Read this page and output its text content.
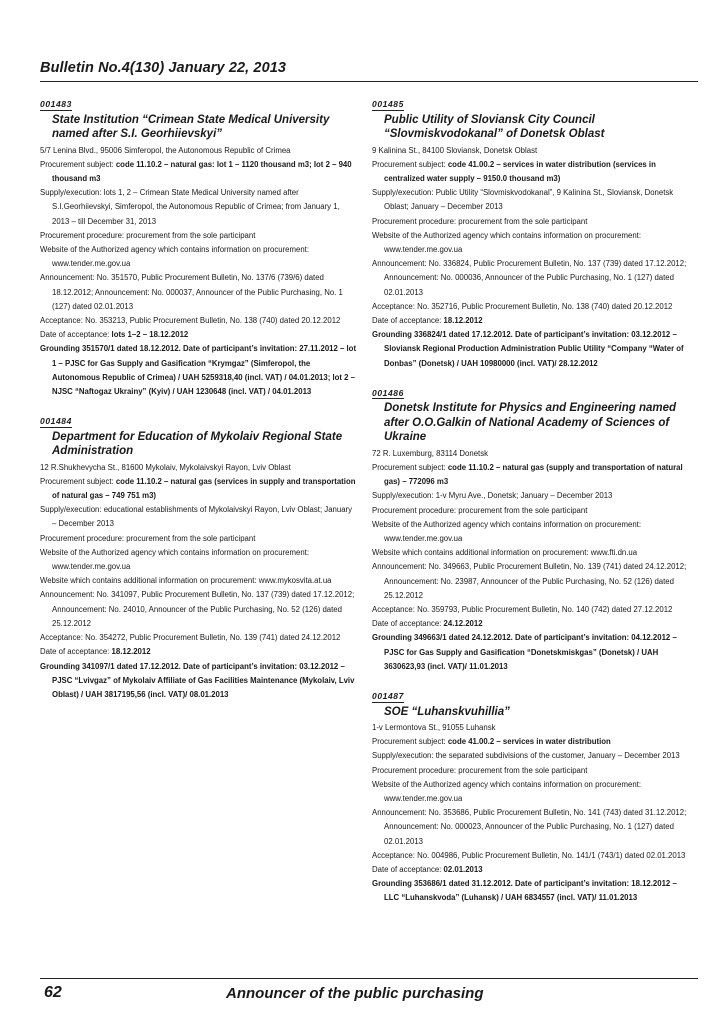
Bulletin No.4(130) January 22, 2013
001483
State Institution “Crimean State Medical University named after S.I. Georhiievskyi”
5/7 Lenina Blvd., 95006 Simferopol, the Autonomous Republic of Crimea
Procurement subject: code 11.10.2 – natural gas: lot 1 – 1120 thousand m3; lot 2 – 940 thousand m3
Supply/execution: lots 1, 2 – Crimean State Medical University named after S.I.Georhiievskyi, Simferopol, the Autonomous Republic of Crimea; from January 1, 2013 – till December 31, 2013
Procurement procedure: procurement from the sole participant
Website of the Authorized agency which contains information on procurement: www.tender.me.gov.ua
Announcement: No. 351570, Public Procurement Bulletin, No. 137/6 (739/6) dated 18.12.2012; Announcement: No. 000037, Announcer of the Public Purchasing, No. 1 (127) dated 02.01.2013
Acceptance: No. 353213, Public Procurement Bulletin, No. 138 (740) dated 20.12.2012
Date of acceptance: lots 1–2 – 18.12.2012
Grounding 351570/1 dated 18.12.2012. Date of participant’s invitation: 27.11.2012 – lot 1 – PJSC for Gas Supply and Gasification “Krymgaz” (Simferopol, the Autonomous Republic of Crimea) / UAH 5259318,40 (incl. VAT) / 04.01.2013; lot 2 – NJSC “Naftogaz Ukrainy” (Kyiv) / UAH 1230648 (incl. VAT) / 04.01.2013
001484
Department for Education of Mykolaiv Regional State Administration
12 R.Shukhevycha St., 81600 Mykolaiv, Mykolaivskyi Rayon, Lviv Oblast
Procurement subject: code 11.10.2 – natural gas (services in supply and transportation of natural gas – 749 751 m3)
Supply/execution: educational establishments of Mykolaivskyi Rayon, Lviv Oblast; January – December 2013
Procurement procedure: procurement from the sole participant
Website of the Authorized agency which contains information on procurement: www.tender.me.gov.ua
Website which contains additional information on procurement: www.mykosvita.at.ua
Announcement: No. 341097, Public Procurement Bulletin, No. 137 (739) dated 17.12.2012; Announcement: No. 24010, Announcer of the Public Purchasing, No. 52 (126) dated 25.12.2012
Acceptance: No. 354272, Public Procurement Bulletin, No. 139 (741) dated 24.12.2012
Date of acceptance: 18.12.2012
Grounding 341097/1 dated 17.12.2012. Date of participant’s invitation: 03.12.2012 – PJSC “Lvivgaz” of Mykolaiv Affiliate of Gas Facilities Maintenance (Mykolaiv, Lviv Oblast) / UAH 3817195,56 (incl. VAT)/ 08.01.2013
001485
Public Utility of Sloviansk City Council “Slovmiskvodokanal” of Donetsk Oblast
9 Kalinina St., 84100 Sloviansk, Donetsk Oblast
Procurement subject: code 41.00.2 – services in water distribution (services in centralized water supply – 9150.0 thousand m3)
Supply/execution: Public Utility “Slovmiskvodokanal”, 9 Kalinina St., Sloviansk, Donetsk Oblast; January – December 2013
Procurement procedure: procurement from the sole participant
Website of the Authorized agency which contains information on procurement: www.tender.me.gov.ua
Announcement: No. 336824, Public Procurement Bulletin, No. 137 (739) dated 17.12.2012; Announcement: No. 000036, Announcer of the Public Purchasing, No. 1 (127) dated 02.01.2013
Acceptance: No. 352716, Public Procurement Bulletin, No. 138 (740) dated 20.12.2012
Date of acceptance: 18.12.2012
Grounding 336824/1 dated 17.12.2012. Date of participant’s invitation: 03.12.2012 – Sloviansk Regional Production Administration Public Utility “Company “Water of Donbas” (Donetsk) / UAH 10980000 (incl. VAT)/ 28.12.2012
001486
Donetsk Institute for Physics and Engineering named after O.O.Galkin of National Academy of Sciences of Ukraine
72 R. Luxemburg, 83114 Donetsk
Procurement subject: code 11.10.2 – natural gas (supply and transportation of natural gas) – 772096 m3
Supply/execution: 1-v Myru Ave., Donetsk; January – December 2013
Procurement procedure: procurement from the sole participant
Website of the Authorized agency which contains information on procurement: www.tender.me.gov.ua
Website which contains additional information on procurement: www.fti.dn.ua
Announcement: No. 349663, Public Procurement Bulletin, No. 139 (741) dated 24.12.2012; Announcement: No. 23987, Announcer of the Public Purchasing, No. 52 (126) dated 25.12.2012
Acceptance: No. 359793, Public Procurement Bulletin, No. 140 (742) dated 27.12.2012
Date of acceptance: 24.12.2012
Grounding 349663/1 dated 24.12.2012. Date of participant’s invitation: 04.12.2012 – PJSC for Gas Supply and Gasification “Donetskmiskgas” (Donetsk) / UAH 3630623,93 (incl. VAT)/ 11.01.2013
001487
SOE “Luhanskvuhillia”
1-v Lermontova St., 91055 Luhansk
Procurement subject: code 41.00.2 – services in water distribution
Supply/execution: the separated subdivisions of the customer, January – December 2013
Procurement procedure: procurement from the sole participant
Website of the Authorized agency which contains information on procurement: www.tender.me.gov.ua
Announcement: No. 353686, Public Procurement Bulletin, No. 141 (743) dated 31.12.2012; Announcement: No. 000023, Announcer of the Public Purchasing, No. 1 (127) dated 02.01.2013
Acceptance: No. 004986, Public Procurement Bulletin, No. 141/1 (743/1) dated 02.01.2013
Date of acceptance: 02.01.2013
Grounding 353686/1 dated 31.12.2012. Date of participant’s invitation: 18.12.2012 – LLC “Luhanskvoda” (Luhansk) / UAH 6834557 (incl. VAT)/ 11.01.2013
62	Announcer of the public purchasing
